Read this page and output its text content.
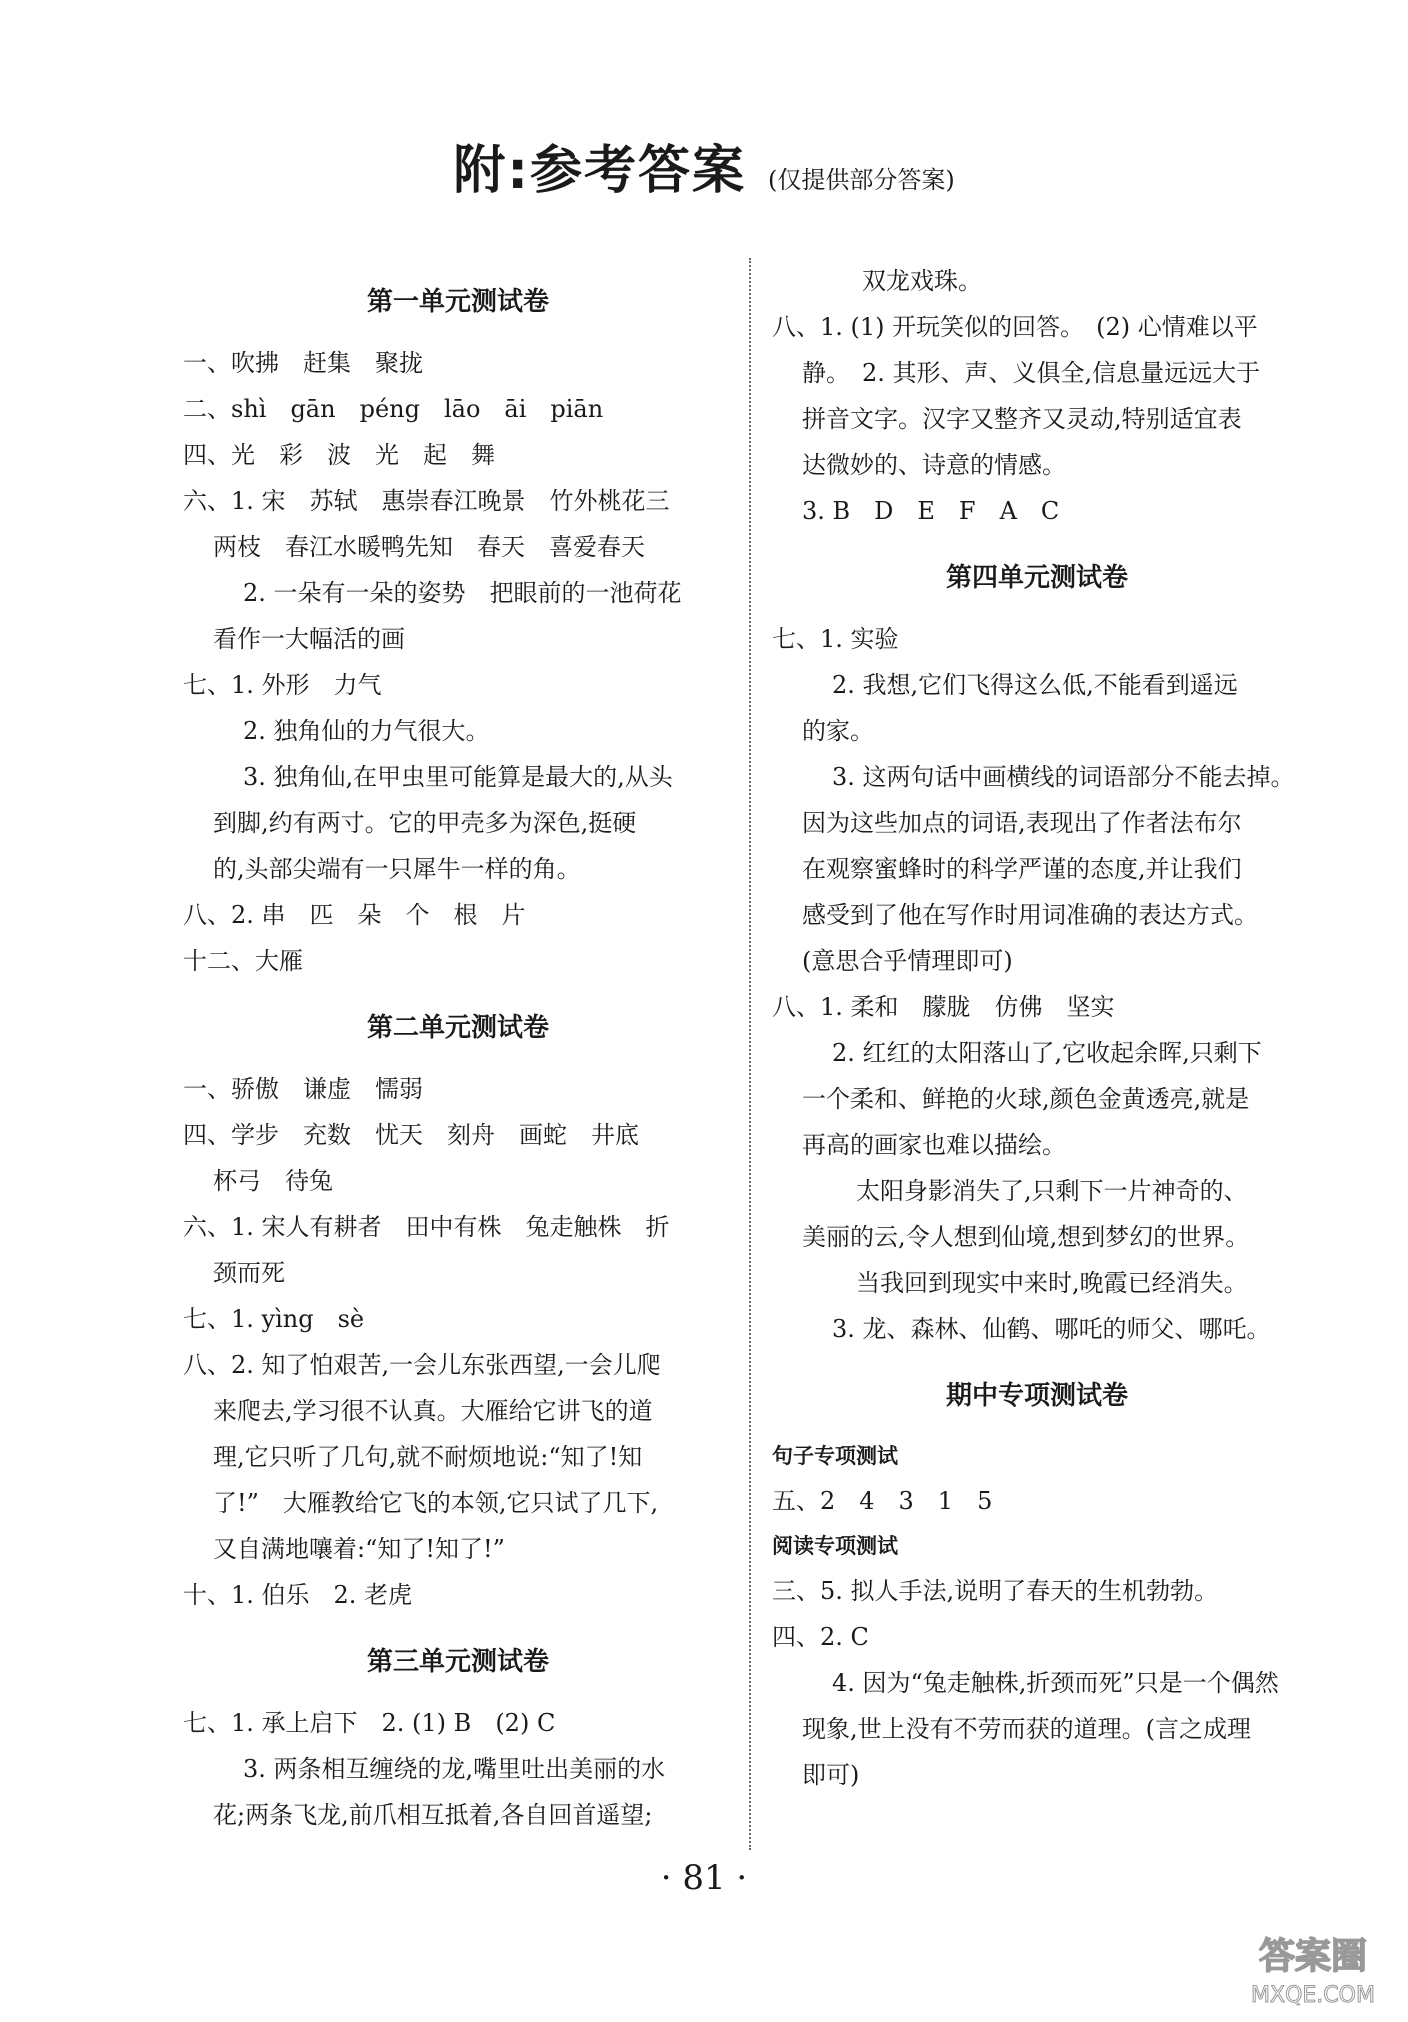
附:参考答案 (仅提供部分答案)
第一单元测试卷
一、吹拂　赶集　聚拢
二、shì　gān　péng　lāo　āi　piān
四、光　彩　波　光　起　舞
六、1. 宋　苏轼　惠崇春江晚景　竹外桃花三
两枝　春江水暖鸭先知　春天　喜爱春天
2. 一朵有一朵的姿势　把眼前的一池荷花
看作一大幅活的画
七、1. 外形　力气
2. 独角仙的力气很大。
3. 独角仙,在甲虫里可能算是最大的,从头
到脚,约有两寸。它的甲壳多为深色,挺硬
的,头部尖端有一只犀牛一样的角。
八、2. 串　匹　朵　个　根　片
十二、大雁
第二单元测试卷
一、骄傲　谦虚　懦弱
四、学步　充数　忧天　刻舟　画蛇　井底
杯弓　待兔
六、1. 宋人有耕者　田中有株　兔走触株　折
颈而死
七、1. yìng　sè
八、2. 知了怕艰苦,一会儿东张西望,一会儿爬
来爬去,学习很不认真。大雁给它讲飞的道
理,它只听了几句,就不耐烦地说:“知了!知
了!”　大雁教给它飞的本领,它只试了几下,
又自满地嚷着:“知了!知了!”
十、1. 伯乐　2. 老虎
第三单元测试卷
七、1. 承上启下　2. (1) B　(2) C
3. 两条相互缠绕的龙,嘴里吐出美丽的水
花;两条飞龙,前爪相互抵着,各自回首遥望;
双龙戏珠。
八、1. (1) 开玩笑似的回答。　(2) 心情难以平
静。　2. 其形、声、义俱全,信息量远远大于
拼音文字。汉字又整齐又灵动,特别适宜表
达微妙的、诗意的情感。
3. B　D　E　F　A　C
第四单元测试卷
七、1. 实验
2. 我想,它们飞得这么低,不能看到遥远
的家。
3. 这两句话中画横线的词语部分不能去掉。
因为这些加点的词语,表现出了作者法布尔
在观察蜜蜂时的科学严谨的态度,并让我们
感受到了他在写作时用词准确的表达方式。
(意思合乎情理即可)
八、1. 柔和　朦胧　仿佛　坚实
2. 红红的太阳落山了,它收起余晖,只剩下
一个柔和、鲜艳的火球,颜色金黄透亮,就是
再高的画家也难以描绘。
　太阳身影消失了,只剩下一片神奇的、
美丽的云,令人想到仙境,想到梦幻的世界。
　当我回到现实中来时,晚霞已经消失。
3. 龙、森林、仙鹤、哪吒的师父、哪吒。
期中专项测试卷
句子专项测试
五、2　4　3　1　5
阅读专项测试
三、5. 拟人手法,说明了春天的生机勃勃。
四、2. C
4. 因为“兔走触株,折颈而死”只是一个偶然
现象,世上没有不劳而获的道理。(言之成理
即可)
· 81 ·
答案圈
MXQE.COM
